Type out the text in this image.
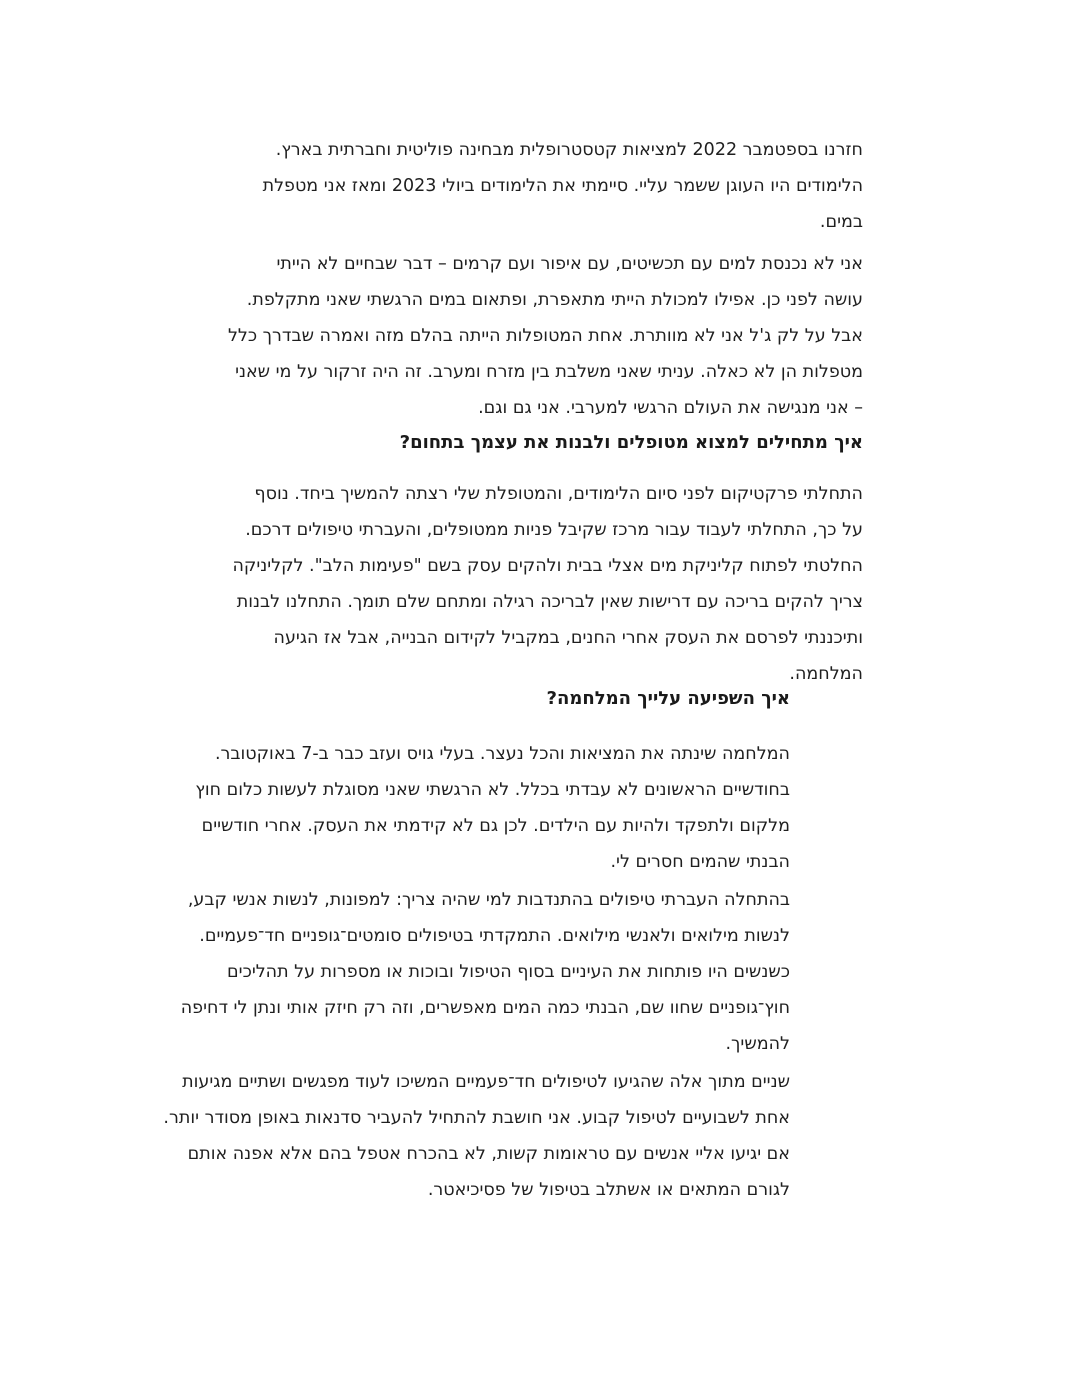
חזרנו בספטמבר 2022 למציאות קטסטרופלית מבחינה פוליטית וחברתית בארץ.
הלימודים היו העוגן ששמר עליי. סיימתי את הלימודים ביולי 2023 ומאז אני מטפלת
במים.

אני לא נכנסת למים עם תכשיטים, עם איפור ועם קרמים – דבר שבחיים לא הייתי
עושה לפני כן. אפילו למכולת הייתי מתאפרת, ופתאום במים הרגשתי שאני מתקלפת.
אבל על לק ג'ל אני לא מוותרת. אחת המטופלות הייתה בהלם מזה ואמרה שבדרך כלל
מטפלות הן לא כאלה. עניתי שאני משלבת בין מזרח ומערב. זה היה זרקור על מי שאני
– אני מנגישה את העולם הרגשי למערבי. אני גם וגם.

איך מתחילים למצוא מטופלים ולבנות את עצמך בתחום?

התחלתי פרקטיקום לפני סיום הלימודים, והמטופלת שלי רצתה להמשיך ביחד. נוסף
על כך, התחלתי לעבוד עבור מרכז שקיבל פניות ממטופלים, והעברתי טיפולים דרכם.
החלטתי לפתוח קליניקת מים אצלי בבית ולהקים עסק בשם "פעימות הלב". לקליניקה
צריך להקים בריכה עם דרישות שאין לבריכה רגילה ומתחם שלם תומך. התחלנו לבנות
ותיכננתי לפרסם את העסק אחרי החנים, במקביל לקידום הבנייה, אבל אז הגיעה
המלחמה.

איך השפיעה עלייך המלחמה?

המלחמה שינתה את המציאות והכל נעצר. בעלי גויס ועזב כבר ב-7 באוקטובר.
בחודשיים הראשונים לא עבדתי בכלל. לא הרגשתי שאני מסוגלת לעשות כלום חוץ
מלקום ולתפקד ולהיות עם הילדים. לכן גם לא קידמתי את העסק. אחרי חודשיים
הבנתי שהמים חסרים לי.

בהתחלה העברתי טיפולים בהתנדבות למי שהיה צריך: למפונות, לנשות אנשי קבע,
לנשות מילואים ולאנשי מילואים. התמקדתי בטיפולים סומטים־גופניים חד־פעמיים.
כשנשים היו פותחות את העיניים בסוף הטיפול ובוכות או מספרות על תהליכים
חוץ־גופניים שחוו שם, הבנתי כמה המים מאפשרים, וזה רק חיזק אותי ונתן לי דחיפה
להמשיך.

שניים מתוך אלה שהגיעו לטיפולים חד־פעמיים המשיכו לעוד מפגשים ושתיים מגיעות
אחת לשבועיים לטיפול קבוע. אני חושבת להתחיל להעביר סדנאות באופן מסודר יותר.
אם יגיעו אליי אנשים עם טראומות קשות, לא בהכרח אטפל בהם אלא אפנה אותם
לגורם המתאים או אשתלב בטיפול של פסיכיאטר.
